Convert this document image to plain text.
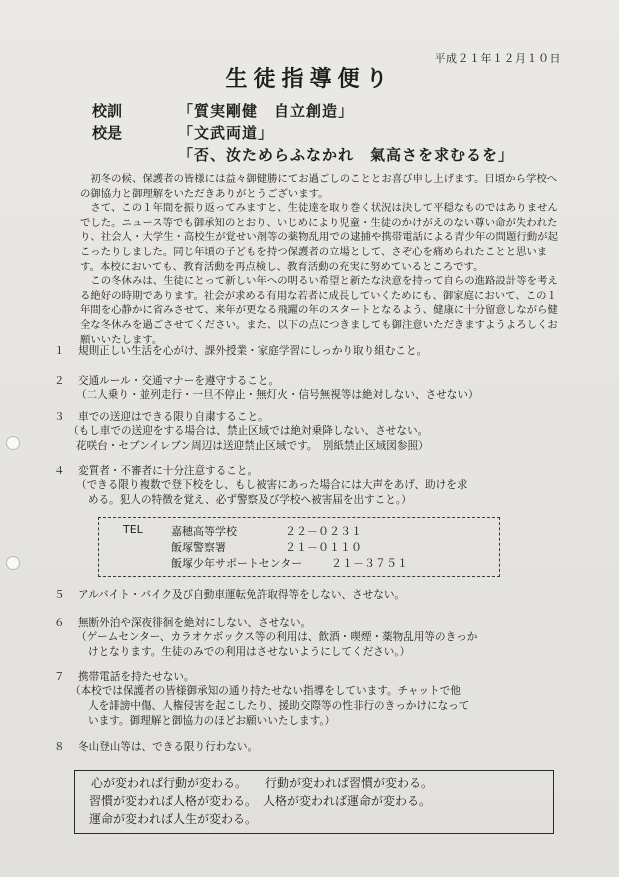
平成２１年１２月１０日
生徒指導便り
校訓	「質実剛健　自立創造」
校是	「文武両道」
「否、汝ためらふなかれ　氣高さを求むるを」

初冬の候、保護者の皆様には益々御健勝にてお過ごしのこととお喜び申し上げます。日頃から学校への御協力と御理解をいただきありがとうございます。

さて、この１年間を振り返ってみますと、生徒達を取り巻く状況は決して平穏なものではありませんでした。ニュース等でも御承知のとおり、いじめにより児童・生徒のかけがえのない尊い命が失われたり、社会人・大学生・高校生が覚せい剤等の薬物乱用での逮捕や携帯電話による青少年の問題行動が起こったりしました。同じ年頃の子どもを持つ保護者の立場として、さぞ心を痛められたことと思います。本校においても、教育活動を再点検し、教育活動の充実に努めているところです。

この冬休みは、生徒にとって新しい年への明るい希望と新たな決意を持って自らの進路設計等を考える絶好の時期であります。社会が求める有用な若者に成長していくためにも、御家庭において、この１年間を心静かに省みさせて、来年が更なる飛躍の年のスタートとなるよう、健康に十分留意しながら健全な冬休みを過ごさせてください。また、以下の点につきましても御注意いただきますようよろしくお願いいたします。

１	規則正しい生活を心がけ、課外授業・家庭学習にしっかり取り組むこと。
２	交通ルール・交通マナーを遵守すること。
（二人乗り・並列走行・一旦不停止・無灯火・信号無視等は絶対しない、させない）
３	車での送迎はできる限り自粛すること。
（もし車での送迎をする場合は、禁止区域では絶対乗降しない、させない。
花咲台・セブンイレブン周辺は送迎禁止区域です。　別紙禁止区域図参照）
４	変質者・不審者に十分注意すること。
（できる限り複数で登下校をし、もし被害にあった場合には大声をあげ、助けを求
める。犯人の特徴を覚え、必ず警察及び学校へ被害届を出すこと。）
５	アルバイト・バイク及び自動車運転免許取得等をしない、させない。
６	無断外泊や深夜徘徊を絶対にしない、させない。
（ゲームセンター、カラオケボックス等の利用は、飲酒・喫煙・薬物乱用等のきっか
けとなります。生徒のみでの利用はさせないようにしてください。）
７	携帯電話を持たせない。
（本校では保護者の皆様御承知の通り持たせない指導をしています。チャットで他
人を誹謗中傷、人権侵害を起こしたり、援助交際等の性非行のきっかけになって
います。御理解と御協力のほどお願いいたします。）
８	冬山登山等は、できる限り行わない。
TEL	嘉穂高等学校	２２－０２３１
飯塚警察署	２１－０１１０
飯塚少年サポートセンター	２１－３７５１
心が変われば行動が変わる。　　行動が変われば習慣が変わる。
習慣が変われば人格が変わる。　人格が変われば運命が変わる。
運命が変われば人生が変わる。
